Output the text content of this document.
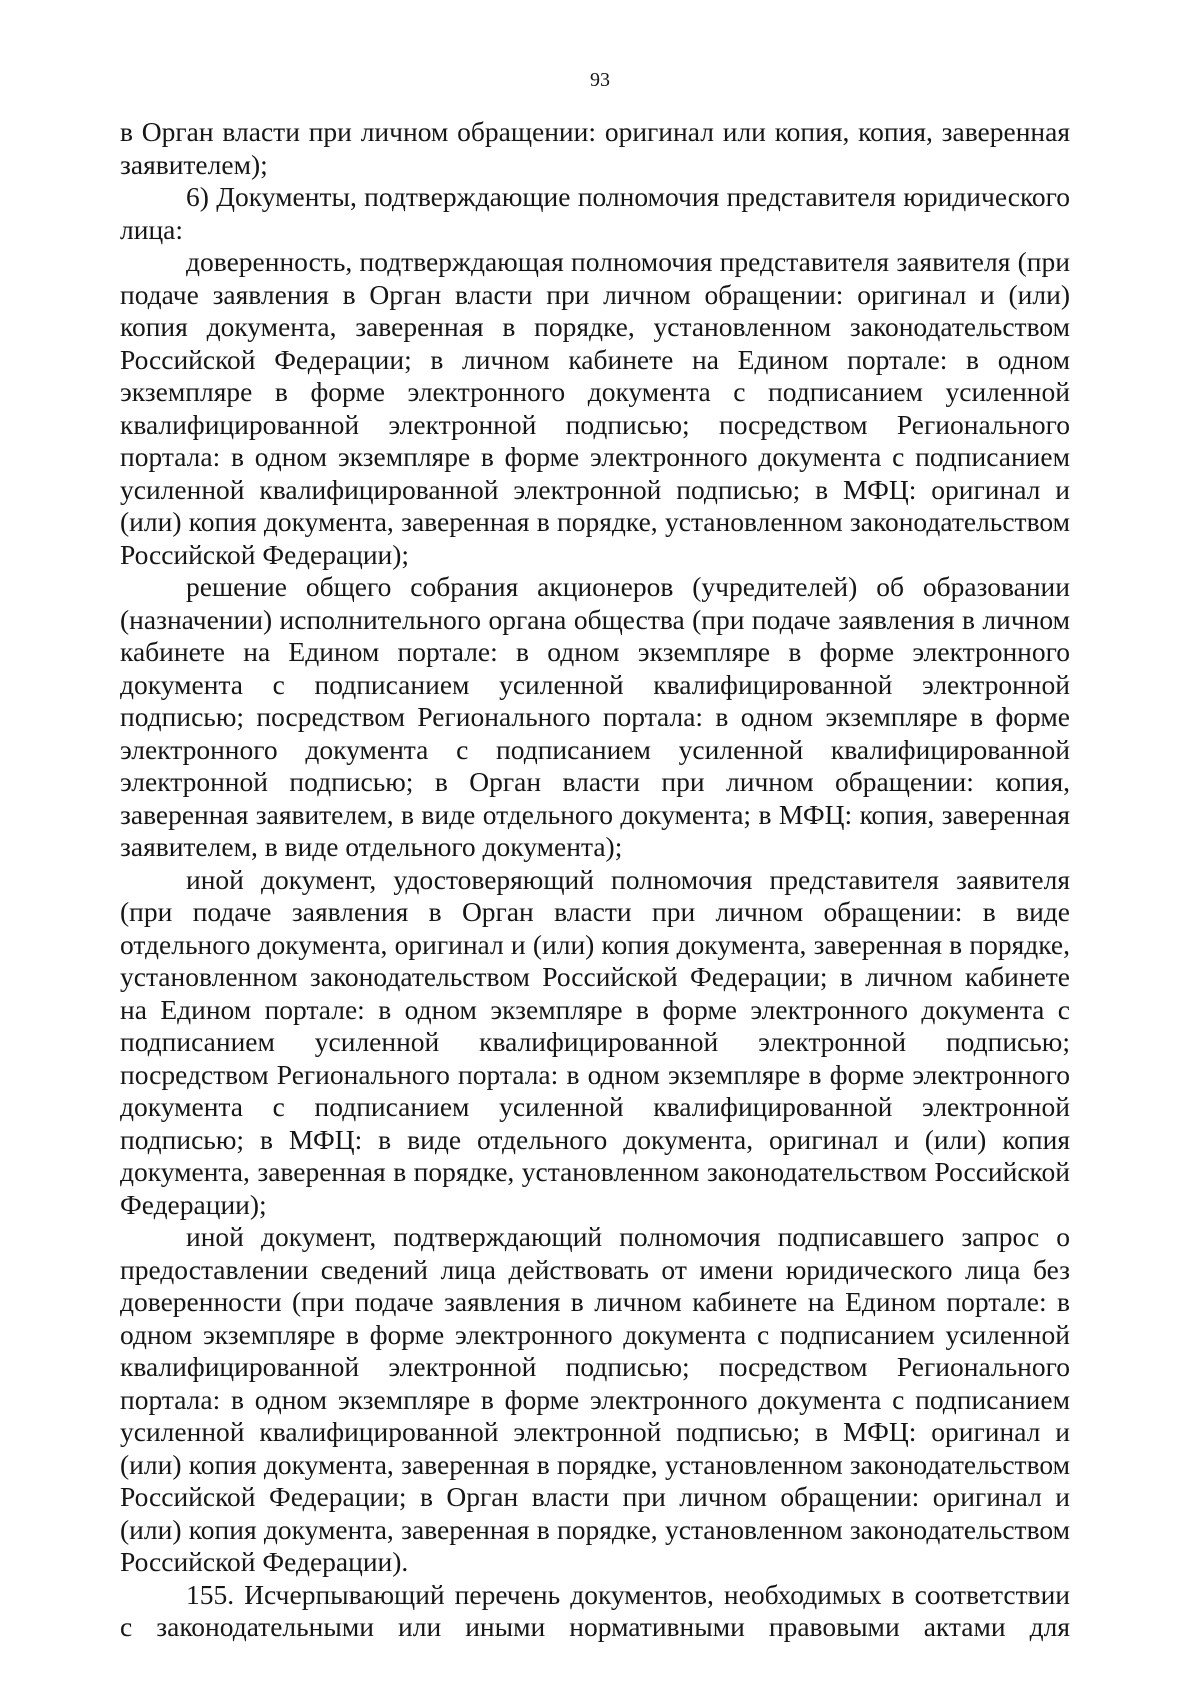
93

в Орган власти при личном обращении: оригинал или копия, копия, заверенная заявителем);

6) Документы, подтверждающие полномочия представителя юридического лица:

доверенность, подтверждающая полномочия представителя заявителя (при подаче заявления в Орган власти при личном обращении: оригинал и (или) копия документа, заверенная в порядке, установленном законодательством Российской Федерации; в личном кабинете на Едином портале: в одном экземпляре в форме электронного документа с подписанием усиленной квалифицированной электронной подписью; посредством Регионального портала: в одном экземпляре в форме электронного документа с подписанием усиленной квалифицированной электронной подписью; в МФЦ: оригинал и (или) копия документа, заверенная в порядке, установленном законодательством Российской Федерации);

решение общего собрания акционеров (учредителей) об образовании (назначении) исполнительного органа общества (при подаче заявления в личном кабинете на Едином портале: в одном экземпляре в форме электронного документа с подписанием усиленной квалифицированной электронной подписью; посредством Регионального портала: в одном экземпляре в форме электронного документа с подписанием усиленной квалифицированной электронной подписью; в Орган власти при личном обращении: копия, заверенная заявителем, в виде отдельного документа; в МФЦ: копия, заверенная заявителем, в виде отдельного документа);

иной документ, удостоверяющий полномочия представителя заявителя (при подаче заявления в Орган власти при личном обращении: в виде отдельного документа, оригинал и (или) копия документа, заверенная в порядке, установленном законодательством Российской Федерации; в личном кабинете на Едином портале: в одном экземпляре в форме электронного документа с подписанием усиленной квалифицированной электронной подписью; посредством Регионального портала: в одном экземпляре в форме электронного документа с подписанием усиленной квалифицированной электронной подписью; в МФЦ: в виде отдельного документа, оригинал и (или) копия документа, заверенная в порядке, установленном законодательством Российской Федерации);

иной документ, подтверждающий полномочия подписавшего запрос о предоставлении сведений лица действовать от имени юридического лица без доверенности (при подаче заявления в личном кабинете на Едином портале: в одном экземпляре в форме электронного документа с подписанием усиленной квалифицированной электронной подписью; посредством Регионального портала: в одном экземпляре в форме электронного документа с подписанием усиленной квалифицированной электронной подписью; в МФЦ: оригинал и (или) копия документа, заверенная в порядке, установленном законодательством Российской Федерации; в Орган власти при личном обращении: оригинал и (или) копия документа, заверенная в порядке, установленном законодательством Российской Федерации).

155. Исчерпывающий перечень документов, необходимых в соответствии с законодательными или иными нормативными правовыми актами для
